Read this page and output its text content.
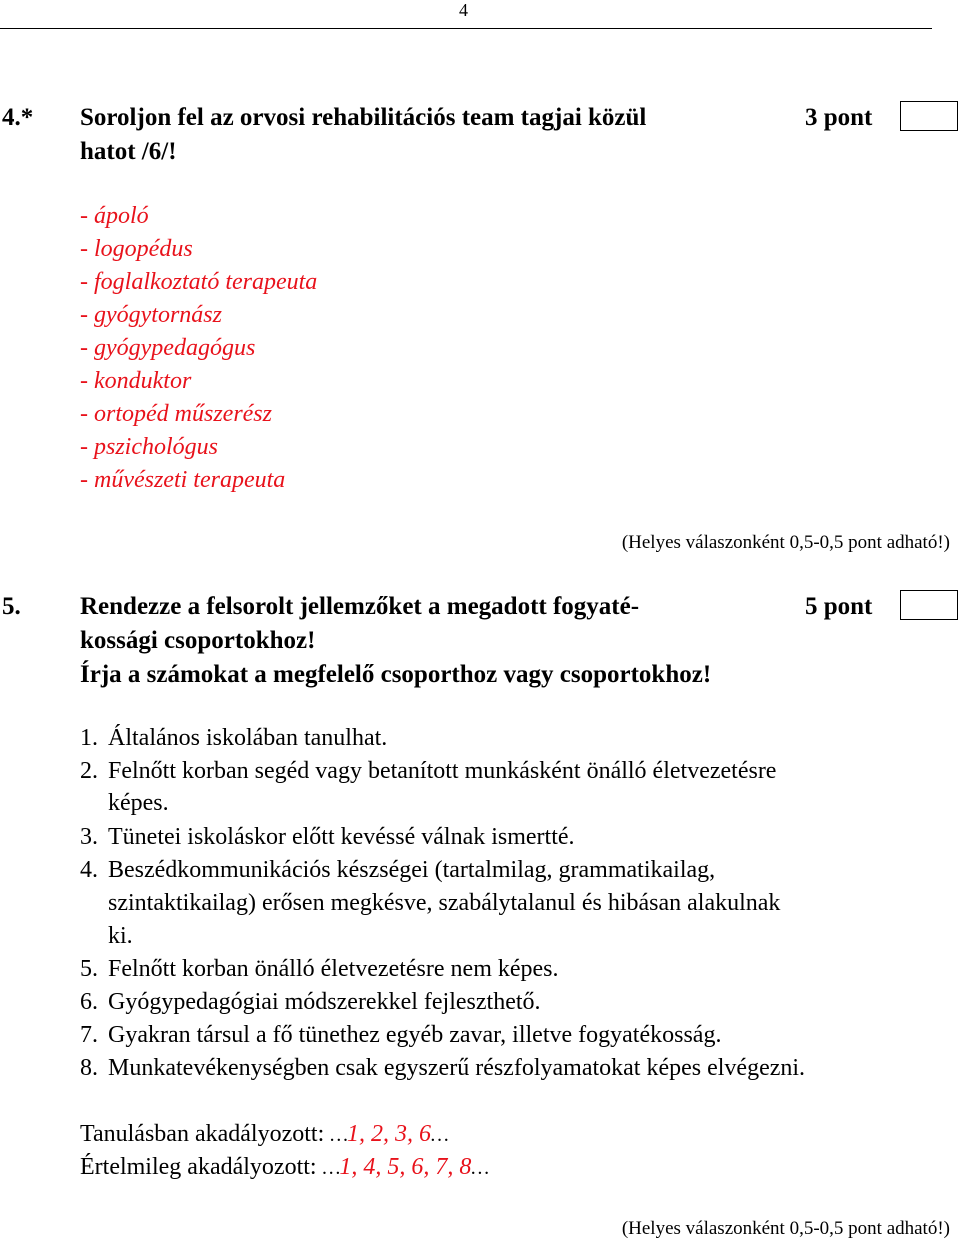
4
4.* Soroljon fel az orvosi rehabilitációs team tagjai közül
hatot /6/!
3 pont
- ápoló
- logopédus
- foglalkoztató terapeuta
- gyógytornász
- gyógypedagógus
- konduktor
- ortopéd műszerész
- pszichológus
- művészeti terapeuta
(Helyes válaszonként 0,5-0,5 pont adható!)
5. Rendezze a felsorolt jellemzőket a megadott fogyaté-
kossági csoportokhoz!
Írja a számokat a megfelelő csoporthoz vagy csoportokhoz!
5 pont
1. Általános iskolában tanulhat.
2. Felnőtt korban segéd vagy betanított munkásként önálló életvezetésre
képes.
3. Tünetei iskoláskor előtt kevéssé válnak ismertté.
4. Beszédkommunikációs készségei (tartalmilag, grammatikailag,
szintaktikailag) erősen megkésve, szabálytalanul és hibásan alakulnak
ki.
5. Felnőtt korban önálló életvezetésre nem képes.
6. Gyógypedagógiai módszerekkel fejleszthető.
7. Gyakran társul a fő tünethez egyéb zavar, illetve fogyatékosság.
8. Munkatevékenységben csak egyszerű részfolyamatokat képes elvégezni.
Tanulásban akadályozott: …1, 2, 3, 6…
Értelmileg akadályozott: …1, 4, 5, 6, 7, 8…
(Helyes válaszonként 0,5-0,5 pont adható!)
